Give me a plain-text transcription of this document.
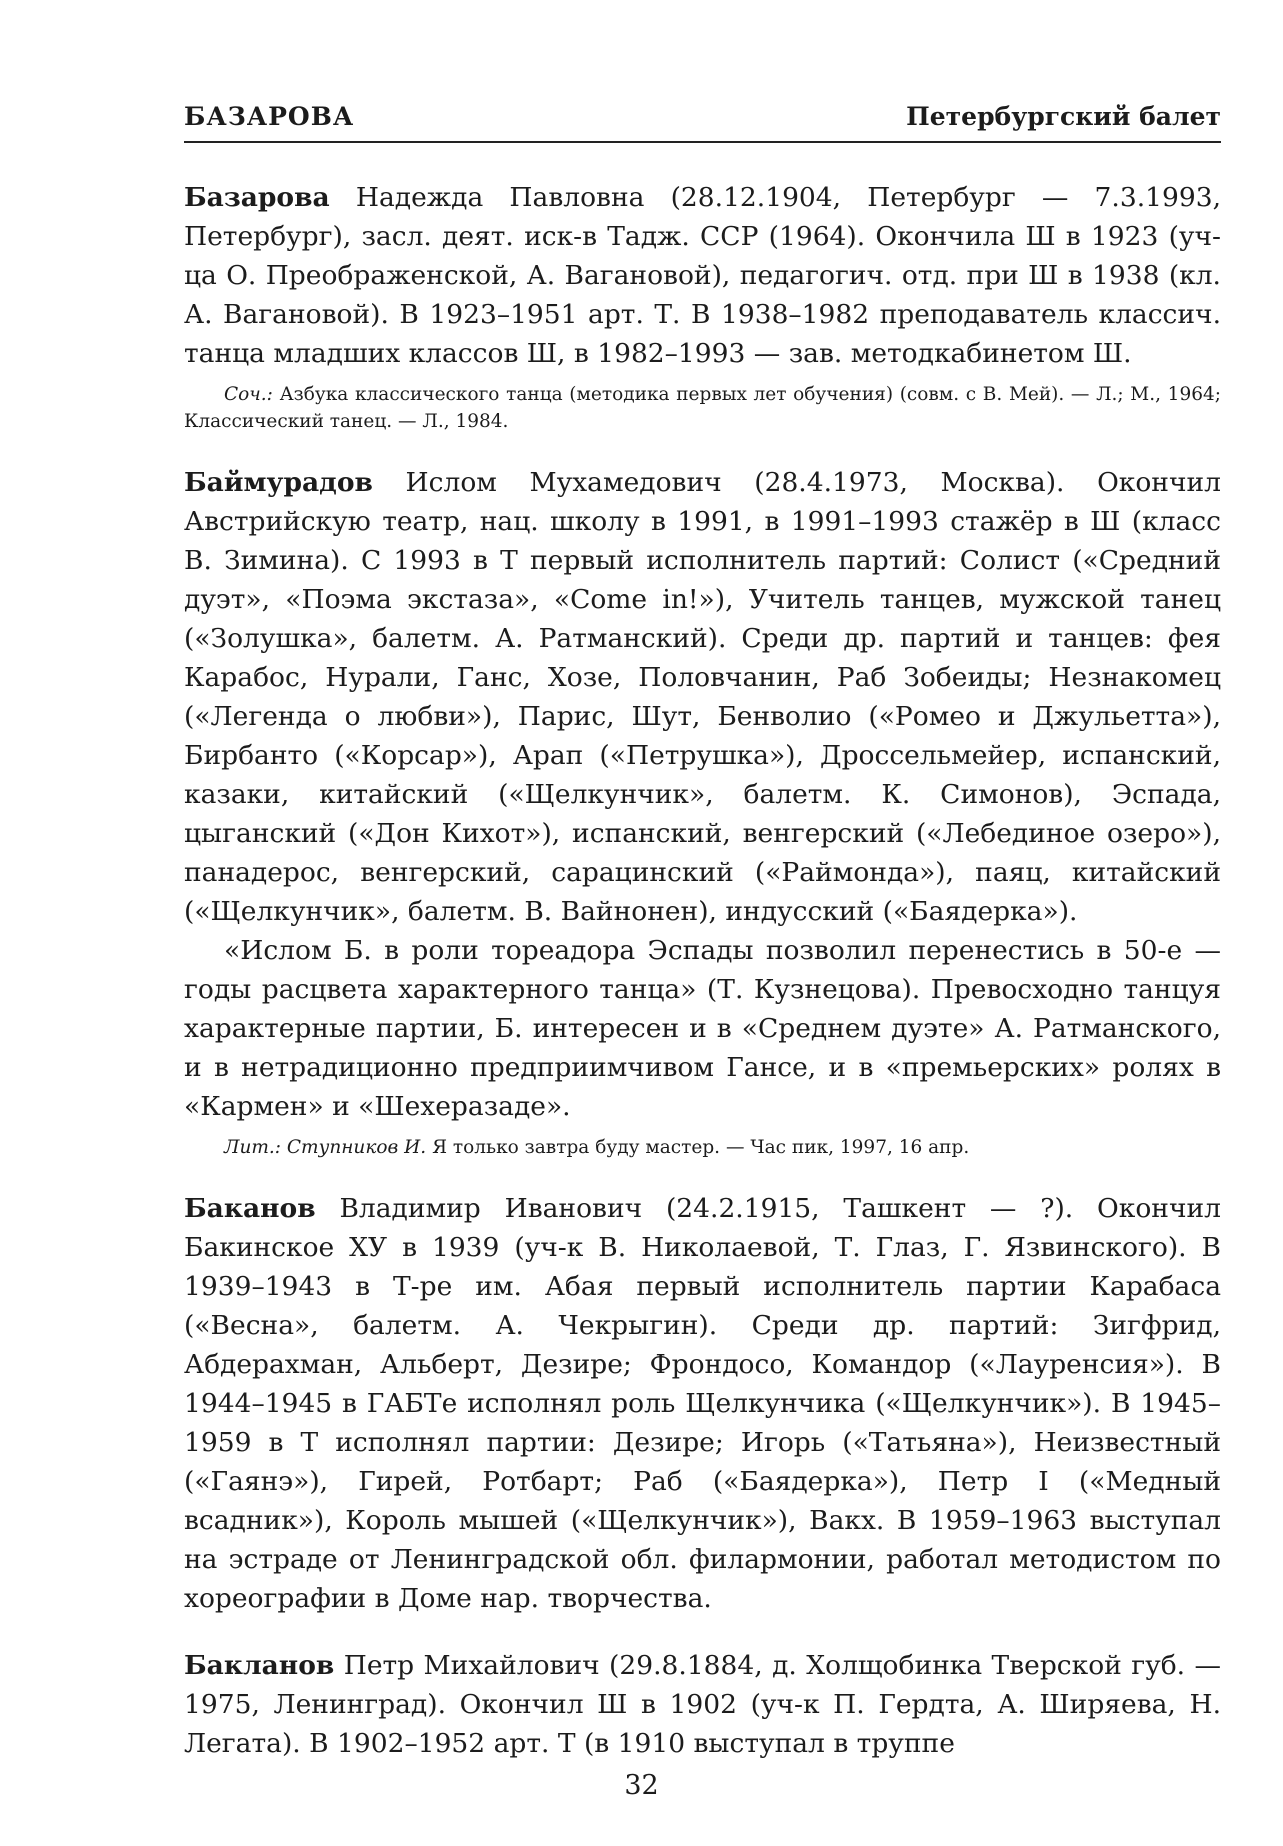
БАЗАРОВА	Петербургский балет

Базарова Надежда Павловна (28.12.1904, Петербург — 7.3.1993, Петербург), засл. деят. иск-в Тадж. ССР (1964). Окончила Ш в 1923 (уч-ца О. Преображенской, А. Вагановой), педагогич. отд. при Ш в 1938 (кл. А. Вагановой). В 1923–1951 арт. Т. В 1938–1982 преподаватель классич. танца младших классов Ш, в 1982–1993 — зав. методкабинетом Ш.

Соч.: Азбука классического танца (методика первых лет обучения) (совм. с В. Мей). — Л.; М., 1964; Классический танец. — Л., 1984.

Баймурадов Ислом Мухамедович (28.4.1973, Москва). Окончил Австрийскую театр, нац. школу в 1991, в 1991–1993 стажёр в Ш (класс В. Зимина). С 1993 в Т первый исполнитель партий: Солист («Средний дуэт», «Поэма экстаза», «Come in!»), Учитель танцев, мужской танец («Золушка», балетм. А. Ратманский). Среди др. партий и танцев: фея Карабос, Нурали, Ганс, Хозе, Половчанин, Раб Зобеиды; Незнакомец («Легенда о любви»), Парис, Шут, Бенволио («Ромео и Джульетта»), Бирбанто («Корсар»), Арап («Петрушка»), Дроссельмейер, испанский, казаки, китайский («Щелкунчик», балетм. К. Симонов), Эспада, цыганский («Дон Кихот»), испанский, венгерский («Лебединое озеро»), панадерос, венгерский, сарацинский («Раймонда»), паяц, китайский («Щелкунчик», балетм. В. Вайнонен), индусский («Баядерка»).

«Ислом Б. в роли тореадора Эспады позволил перенестись в 50-е — годы расцвета характерного танца» (Т. Кузнецова). Превосходно танцуя характерные партии, Б. интересен и в «Среднем дуэте» А. Ратманского, и в нетрадиционно предприимчивом Гансе, и в «премьерских» ролях в «Кармен» и «Шехеразаде».

Лит.: Ступников И. Я только завтра буду мастер. — Час пик, 1997, 16 апр.

Баканов Владимир Иванович (24.2.1915, Ташкент — ?). Окончил Бакинское ХУ в 1939 (уч-к В. Николаевой, Т. Глаз, Г. Язвинского). В 1939–1943 в Т-ре им. Абая первый исполнитель партии Карабаса («Весна», балетм. А. Чекрыгин). Среди др. партий: Зигфрид, Абдерахман, Альберт, Дезире; Фрондосо, Командор («Лауренсия»). В 1944–1945 в ГАБТе исполнял роль Щелкунчика («Щелкунчик»). В 1945–1959 в Т исполнял партии: Дезире; Игорь («Татьяна»), Неизвестный («Гаянэ»), Гирей, Ротбарт; Раб («Баядерка»), Петр I («Медный всадник»), Король мышей («Щелкунчик»), Вакх. В 1959–1963 выступал на эстраде от Ленинградской обл. филармонии, работал методистом по хореографии в Доме нар. творчества.

Бакланов Петр Михайлович (29.8.1884, д. Холщобинка Тверской губ. — 1975, Ленинград). Окончил Ш в 1902 (уч-к П. Гердта, А. Ширяева, Н. Легата). В 1902–1952 арт. Т (в 1910 выступал в труппе

32
